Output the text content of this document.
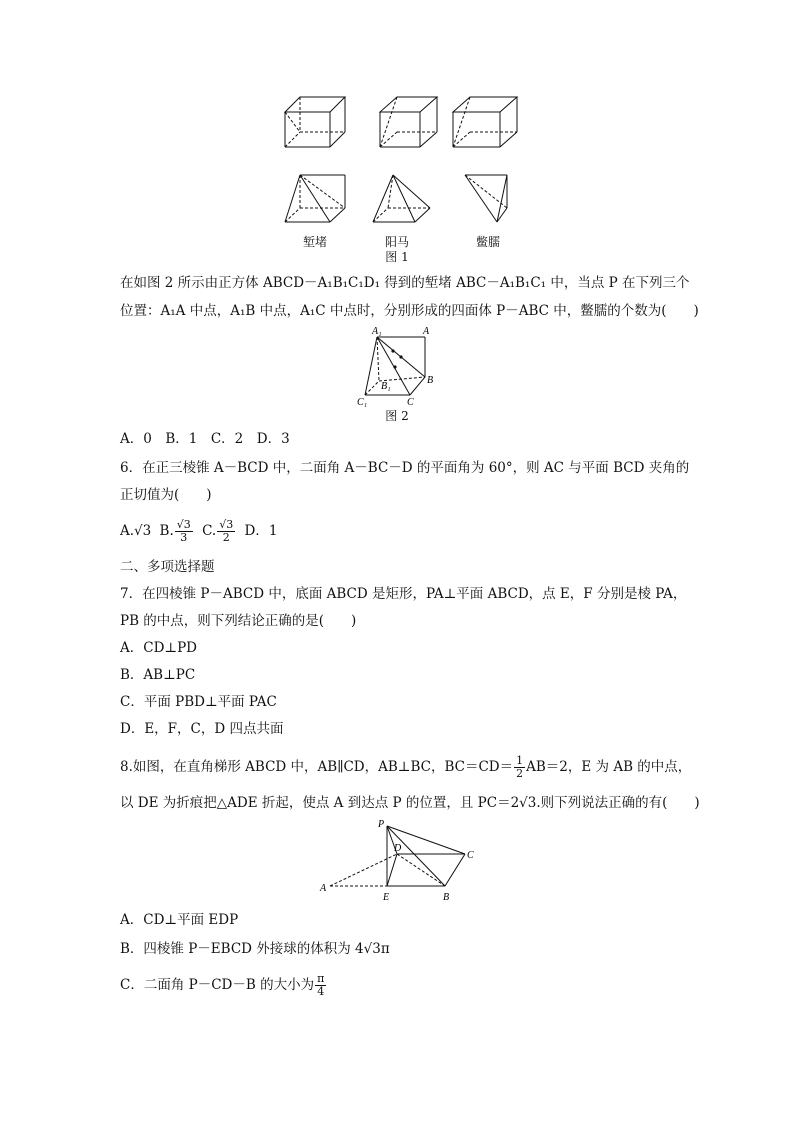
堑堵	阳马	鳖臑
图 1
在如图 2 所示由正方体 ABCD－A₁B₁C₁D₁ 得到的堑堵 ABC－A₁B₁C₁ 中，当点 P 在下列三个
位置：A₁A 中点，A₁B 中点，A₁C 中点时，分别形成的四面体 P－ABC 中，鳖臑的个数为(　　)
A₁	A
B
B₁
C₁	C
图 2
A．0　B．1　C．2　D．3
6．在正三棱锥 A－BCD 中，二面角 A－BC－D 的平面角为 60°，则 AC 与平面 BCD 夹角的
正切值为(　　)
A.√3 B. $\frac{√3}{3} C$. $\frac{√3}{2}$ D．1
二、多项选择题
7．在四棱锥 P－ABCD 中，底面 ABCD 是矩形，PA⊥平面 ABCD，点 E，F 分别是棱 PA，
PB 的中点，则下列结论正确的是(　　)
A．CD⊥PD
B．AB⊥PC
C．平面 PBD⊥平面 PAC
D．E，F，C，D 四点共面
8.如图，在直角梯形 ABCD 中，AB∥CD，AB⊥BC，$BC=CD= \frac{1}{2} AB=2$，E 为 AB 的中点，
以 DE 为折痕把△ADE 折起，使点 A 到达点 P 的位置，且 PC＝2√3.则下列说法正确的有(　　)
P
D
C
A
E	B
A．CD⊥平面 EDP
B．四棱锥 P－EBCD 外接球的体积为 4√3π
C．二面角 P－CD－B 的大小为 $\frac{\pi}{4}$
